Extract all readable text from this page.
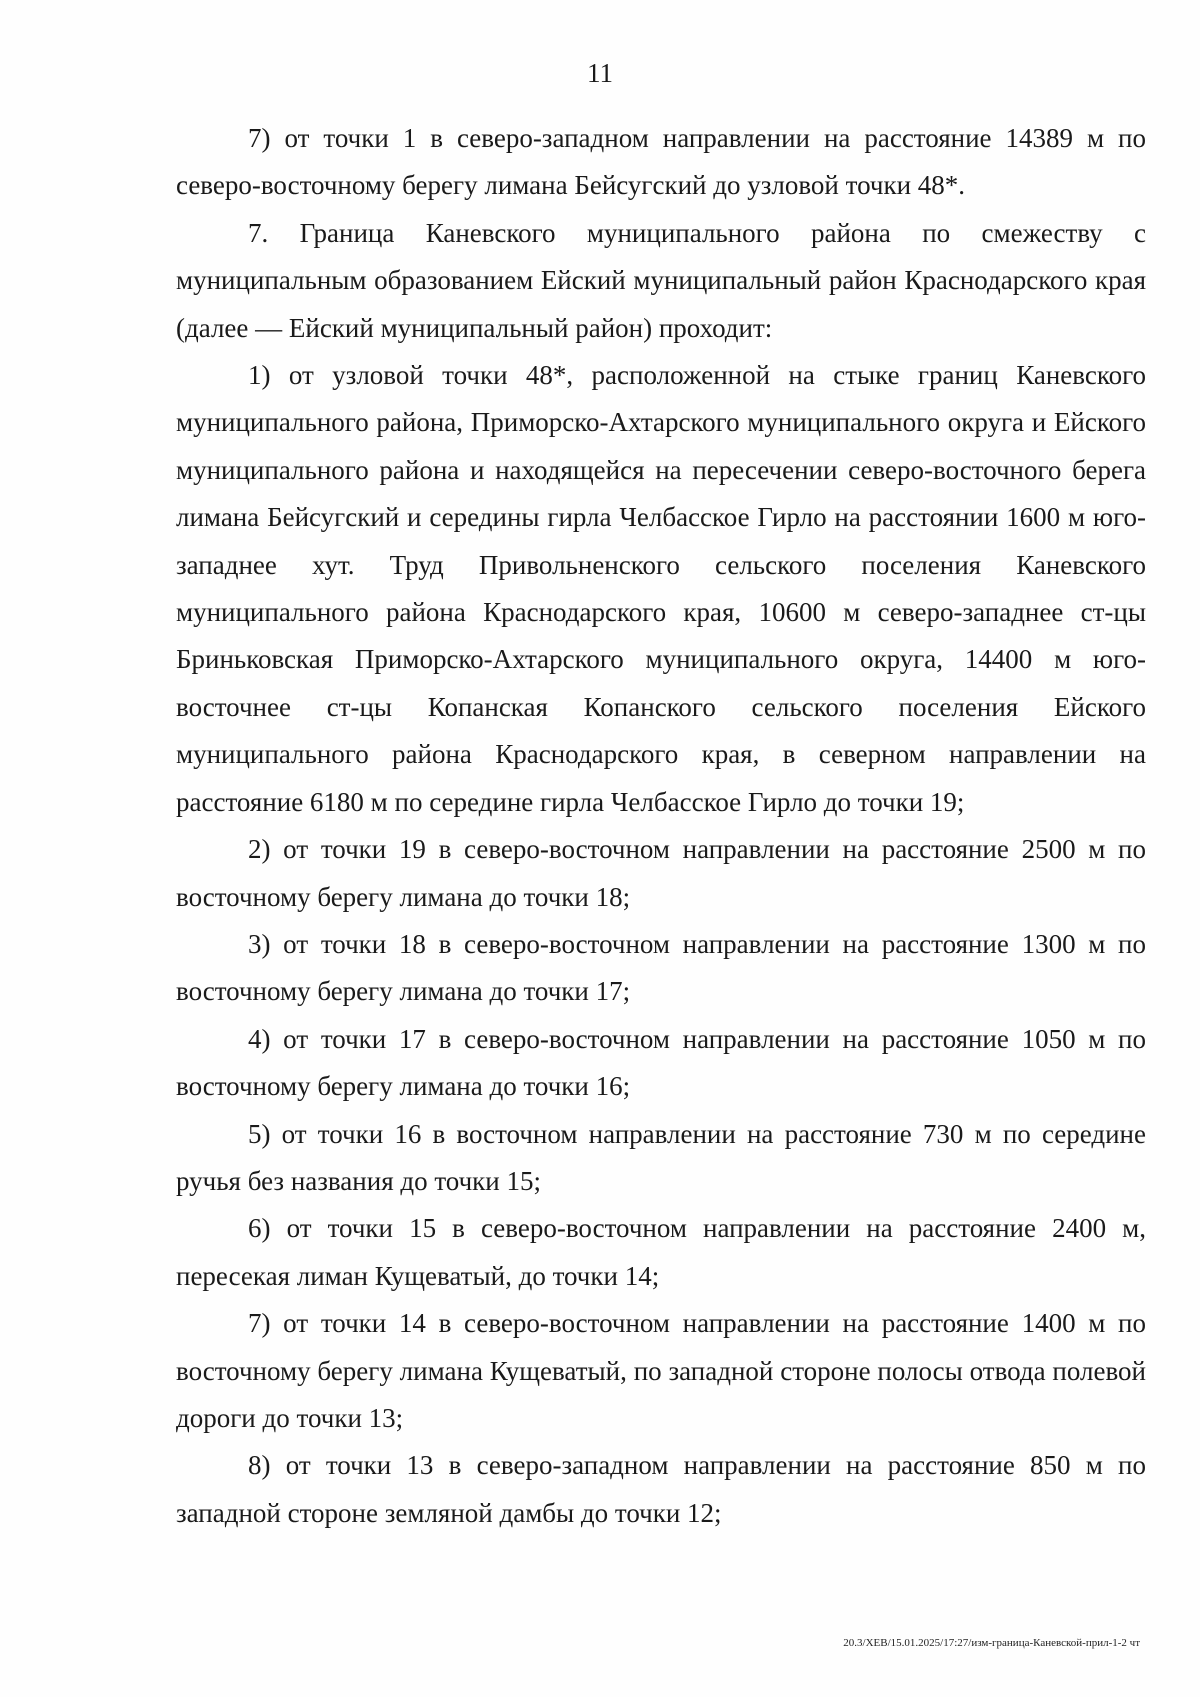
11

7) от точки 1 в северо-западном направлении на расстояние 14389 м по северо-восточному берегу лимана Бейсугский до узловой точки 48*.

7. Граница Каневского муниципального района по смежеству с муниципальным образованием Ейский муниципальный район Краснодарского края (далее — Ейский муниципальный район) проходит:

1) от узловой точки 48*, расположенной на стыке границ Каневского муниципального района, Приморско-Ахтарского муниципального округа и Ейского муниципального района и находящейся на пересечении северо-восточного берега лимана Бейсугский и середины гирла Челбасское Гирло на расстоянии 1600 м юго-западнее хут. Труд Привольненского сельского поселения Каневского муниципального района Краснодарского края, 10600 м северо-западнее ст-цы Бриньковская Приморско-Ахтарского муниципального округа, 14400 м юго-восточнее ст-цы Копанская Копанского сельского поселения Ейского муниципального района Краснодарского края, в северном направлении на расстояние 6180 м по середине гирла Челбасское Гирло до точки 19;

2) от точки 19 в северо-восточном направлении на расстояние 2500 м по восточному берегу лимана до точки 18;

3) от точки 18 в северо-восточном направлении на расстояние 1300 м по восточному берегу лимана до точки 17;

4) от точки 17 в северо-восточном направлении на расстояние 1050 м по восточному берегу лимана до точки 16;

5) от точки 16 в восточном направлении на расстояние 730 м по середине ручья без названия до точки 15;

6) от точки 15 в северо-восточном направлении на расстояние 2400 м, пересекая лиман Кущеватый, до точки 14;

7) от точки 14 в северо-восточном направлении на расстояние 1400 м по восточному берегу лимана Кущеватый, по западной стороне полосы отвода полевой дороги до точки 13;

8) от точки 13 в северо-западном направлении на расстояние 850 м по западной стороне земляной дамбы до точки 12;

20.3/ХЕВ/15.01.2025/17:27/изм-граница-Каневской-прил-1-2 чт
